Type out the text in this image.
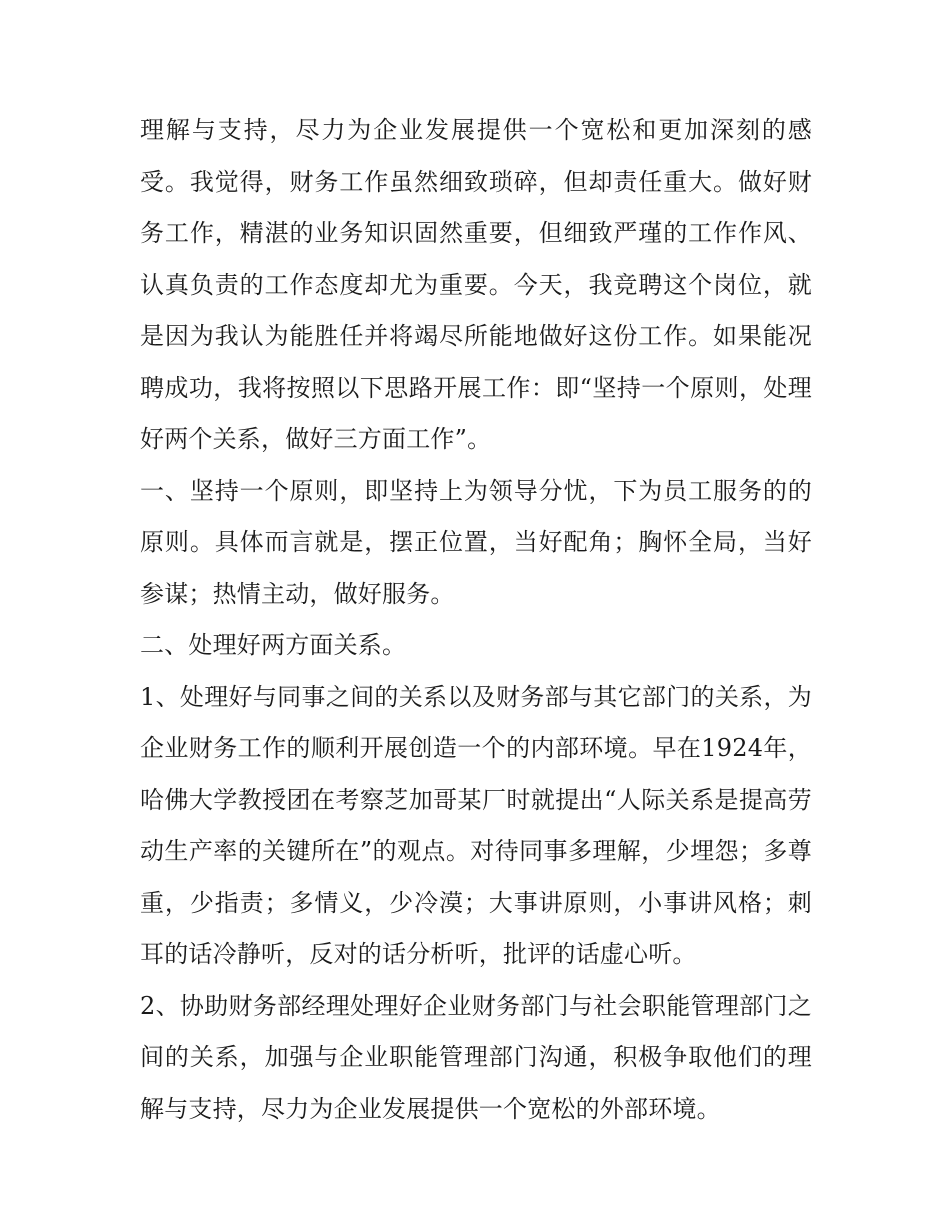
理解与支持，尽力为企业发展提供一个宽松和更加深刻的感受。我觉得，财务工作虽然细致琐碎，但却责任重大。做好财务工作，精湛的业务知识固然重要，但细致严瑾的工作作风、认真负责的工作态度却尤为重要。今天，我竞聘这个岗位，就是因为我认为能胜任并将竭尽所能地做好这份工作。如果能况聘成功，我将按照以下思路开展工作：即“坚持一个原则，处理好两个关系，做好三方面工作”。

一、坚持一个原则，即坚持上为领导分忧，下为员工服务的的原则。具体而言就是，摆正位置，当好配角；胸怀全局，当好参谋；热情主动，做好服务。

二、处理好两方面关系。

1、处理好与同事之间的关系以及财务部与其它部门的关系，为企业财务工作的顺利开展创造一个的内部环境。早在1924年，哈佛大学教授团在考察芝加哥某厂时就提出“人际关系是提高劳动生产率的关键所在”的观点。对待同事多理解，少埋怨；多尊重，少指责；多情义，少冷漠；大事讲原则，小事讲风格；刺耳的话冷静听，反对的话分析听，批评的话虚心听。

2、协助财务部经理处理好企业财务部门与社会职能管理部门之间的关系，加强与企业职能管理部门沟通，积极争取他们的理解与支持，尽力为企业发展提供一个宽松的外部环境。
